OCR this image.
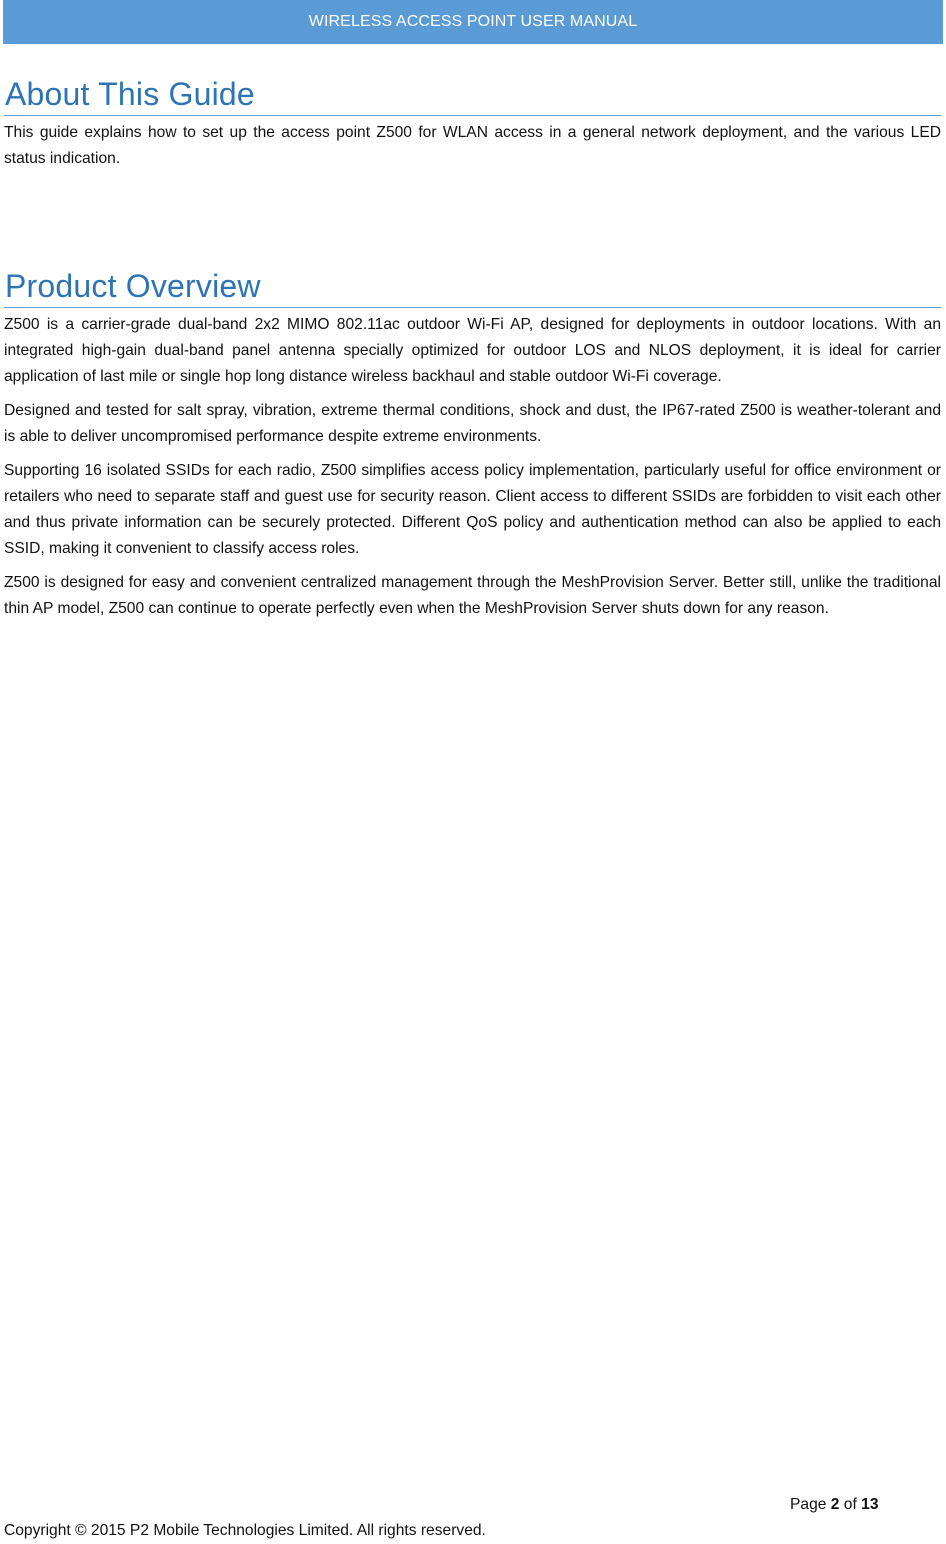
WIRELESS ACCESS POINT USER MANUAL
About This Guide

This guide explains how to set up the access point Z500 for WLAN access in a general network deployment, and the various LED status indication.

Product Overview

Z500 is a carrier-grade dual-band 2x2 MIMO 802.11ac outdoor Wi-Fi AP, designed for deployments in outdoor locations. With an integrated high-gain dual-band panel antenna specially optimized for outdoor LOS and NLOS deployment, it is ideal for carrier application of last mile or single hop long distance wireless backhaul and stable outdoor Wi-Fi coverage.

Designed and tested for salt spray, vibration, extreme thermal conditions, shock and dust, the IP67-rated Z500 is weather-tolerant and is able to deliver uncompromised performance despite extreme environments.

Supporting 16 isolated SSIDs for each radio, Z500 simplifies access policy implementation, particularly useful for office environment or retailers who need to separate staff and guest use for security reason. Client access to different SSIDs are forbidden to visit each other and thus private information can be securely protected. Different QoS policy and authentication method can also be applied to each SSID, making it convenient to classify access roles.

Z500 is designed for easy and convenient centralized management through the MeshProvision Server. Better still, unlike the traditional thin AP model, Z500 can continue to operate perfectly even when the MeshProvision Server shuts down for any reason.

Page 2 of 13
Copyright © 2015 P2 Mobile Technologies Limited. All rights reserved.
